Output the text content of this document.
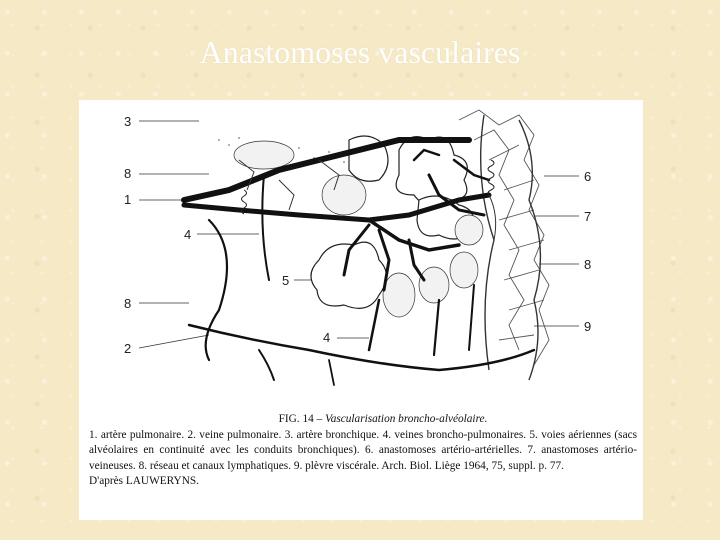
Anastomoses vasculaires
3
8
1
4
5
8
2
4
6
7
8
9
FIG. 14 – Vascularisation broncho-alvéolaire.

1. artère pulmonaire. 2. veine pulmonaire. 3. artère bronchique. 4. veines broncho-pulmonaires. 5. voies aériennes (sacs alvéolaires en continuité avec les conduits bronchiques). 6. anastomoses artério-artérielles. 7. anastomoses artério-veineuses. 8. réseau et canaux lymphatiques. 9. plèvre viscérale. Arch. Biol. Liège 1964, 75, suppl. p. 77.

D'après LAUWERYNS.
